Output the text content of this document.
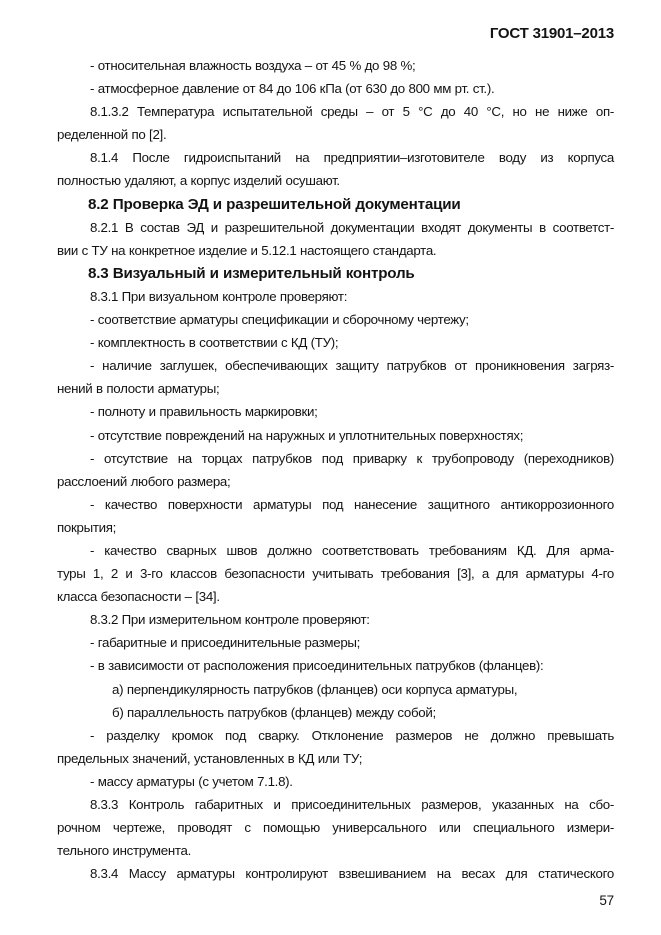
ГОСТ 31901–2013
- относительная влажность воздуха – от 45 % до 98 %;
- атмосферное давление от 84 до 106 кПа (от 630 до 800 мм рт. ст.).
8.1.3.2 Температура испытательной среды – от 5 °С до 40 °С, но не ниже оп-
ределенной по [2].
8.1.4 После гидроиспытаний на предприятии–изготовителе воду из корпуса
полностью удаляют, а корпус изделий осушают.
8.2 Проверка ЭД и разрешительной документации
8.2.1 В состав ЭД и разрешительной документации входят документы в соответст-
вии с ТУ на конкретное изделие и 5.12.1 настоящего стандарта.
8.3 Визуальный и измерительный контроль
8.3.1 При визуальном контроле проверяют:
- соответствие арматуры спецификации и сборочному чертежу;
- комплектность в соответствии с КД (ТУ);
- наличие заглушек, обеспечивающих защиту патрубков от проникновения загряз-
нений в полости арматуры;
- полноту и правильность маркировки;
- отсутствие повреждений на наружных и уплотнительных поверхностях;
- отсутствие на торцах патрубков под приварку к трубопроводу (переходников)
расслоений любого размера;
- качество поверхности арматуры под нанесение защитного антикоррозионного
покрытия;
- качество сварных швов должно соответствовать требованиям КД. Для арма-
туры 1, 2 и 3-го классов безопасности учитывать требования [3], а для арматуры 4-го
класса безопасности – [34].
8.3.2 При измерительном контроле проверяют:
- габаритные и присоединительные размеры;
- в зависимости от расположения присоединительных патрубков (фланцев):
а) перпендикулярность патрубков (фланцев) оси корпуса арматуры,
б) параллельность патрубков (фланцев) между собой;
- разделку кромок под сварку. Отклонение размеров не должно превышать
предельных значений, установленных в КД или ТУ;
- массу арматуры (с учетом 7.1.8).
8.3.3 Контроль габаритных и присоединительных размеров, указанных на сбо-
рочном чертеже, проводят с помощью универсального или специального измери-
тельного инструмента.
8.3.4 Массу арматуры контролируют взвешиванием на весах для статического
57
